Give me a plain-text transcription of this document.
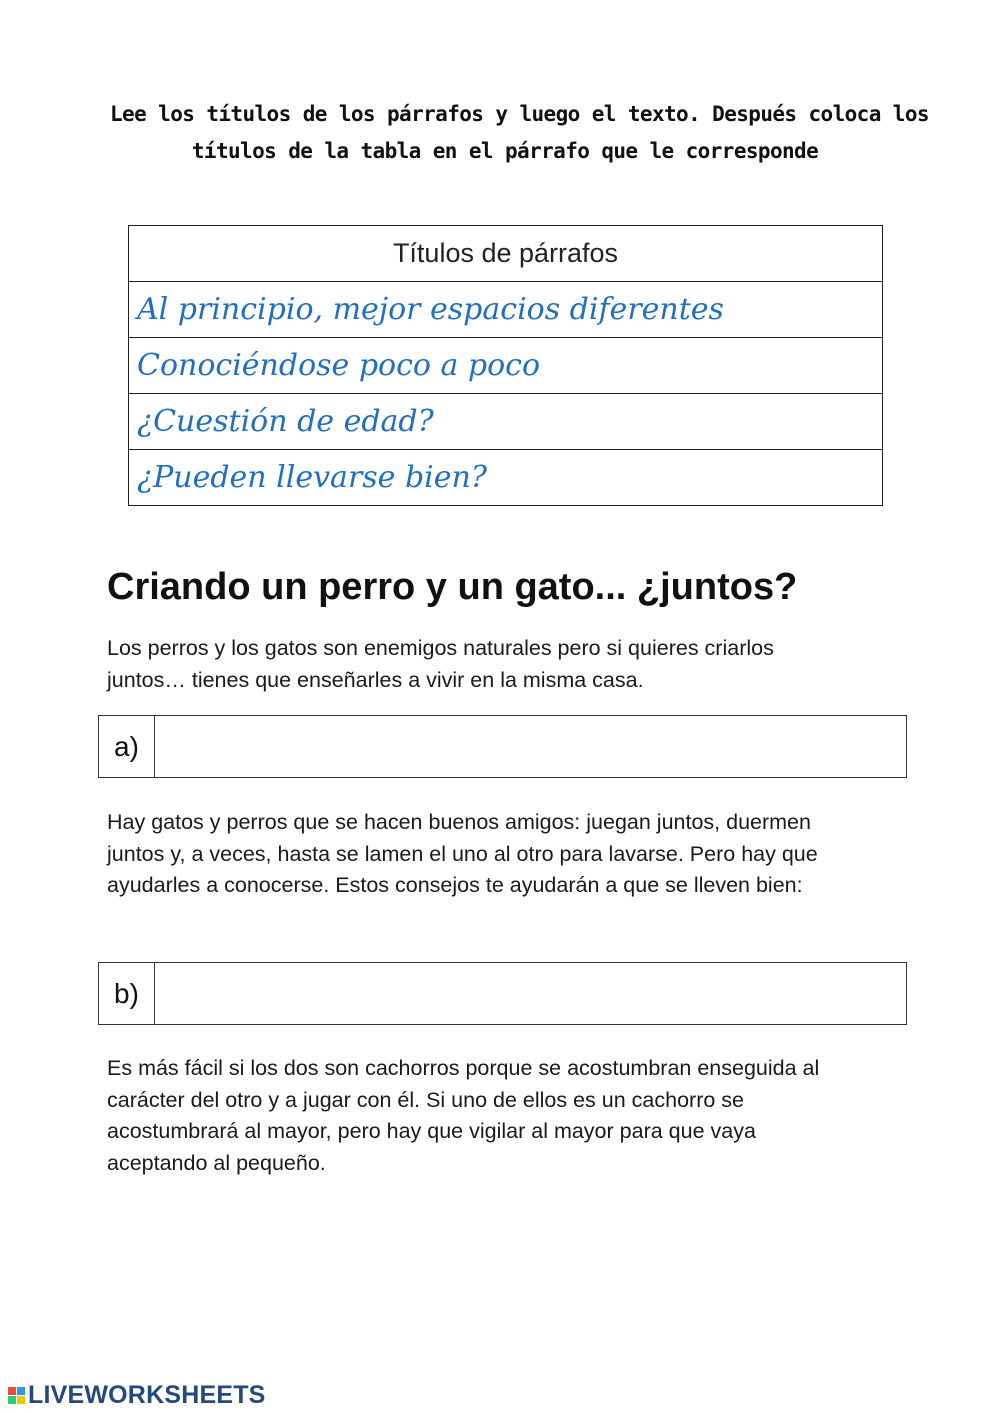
Lee los títulos de los párrafos y luego el texto. Después coloca los
títulos de la tabla en el párrafo que le corresponde
Títulos de párrafos
Al principio, mejor espacios diferentes
Conociéndose poco a poco
¿Cuestión de edad?
¿Pueden llevarse bien?
Criando un perro y un gato... ¿juntos?
Los perros y los gatos son enemigos naturales pero si quieres criarlos
juntos… tienes que enseñarles a vivir en la misma casa.
a)
Hay gatos y perros que se hacen buenos amigos: juegan juntos, duermen
juntos y, a veces, hasta se lamen el uno al otro para lavarse. Pero hay que
ayudarles a conocerse. Estos consejos te ayudarán a que se lleven bien:
b)
Es más fácil si los dos son cachorros porque se acostumbran enseguida al
carácter del otro y a jugar con él. Si uno de ellos es un cachorro se
acostumbrará al mayor, pero hay que vigilar al mayor para que vaya
aceptando al pequeño.
LIVEWORKSHEETS
